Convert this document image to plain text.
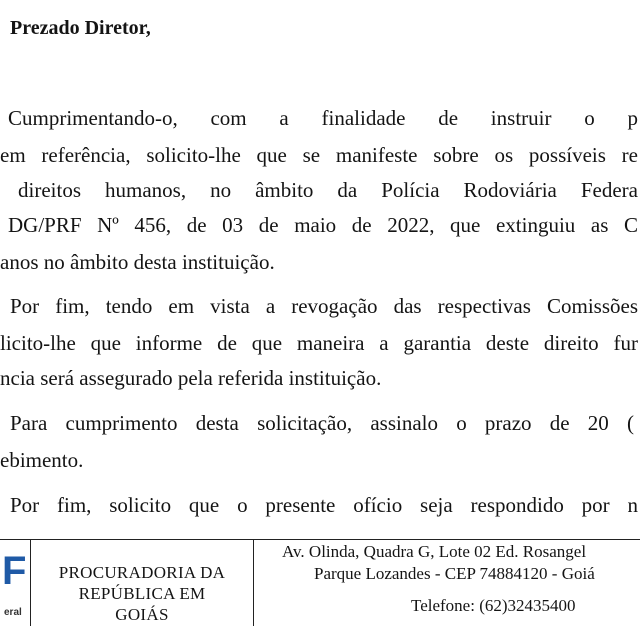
Prezado Diretor,
Cumprimentando-o, com a finalidade de instruir o p
em referência, solicito-lhe que se manifeste sobre os possíveis re
direitos humanos, no âmbito da Polícia Rodoviária Federa
DG/PRF Nº 456, de 03 de maio de 2022, que extinguiu as C
anos no âmbito desta instituição.
Por fim, tendo em vista a revogação das respectivas Comissões
licito-lhe que informe de que maneira a garantia deste direito fur
ncia será assegurado pela referida instituição.
Para cumprimento desta solicitação, assinalo o prazo de 20 (
ebimento.
Por fim, solicito que o presente ofício seja respondido por n
F
eral
PROCURADORIA DA
REPÚBLICA EM
GOIÁS
Av. Olinda, Quadra G, Lote 02 Ed. Rosangel
Parque Lozandes - CEP 74884120 - Goiá
Telefone: (62)32435400
